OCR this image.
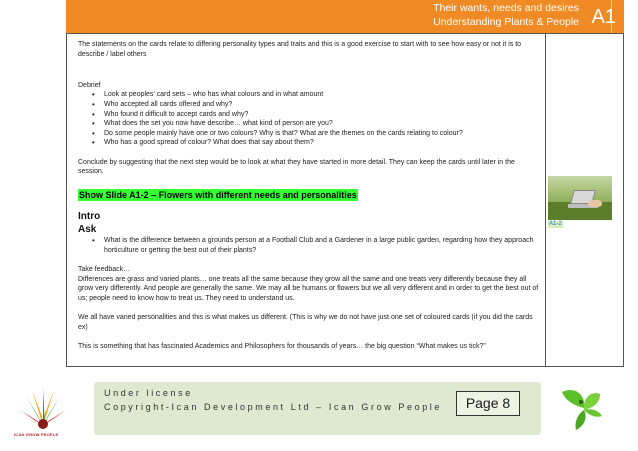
Their wants, needs and desires
Understanding Plants & People A1

The statements on the cards relate to differing personality types and traits and this is a good exercise to start with to see how easy or not it is to describe / label others

Debrief

• Look at peoples’ card sets – who has what colours and in what amount
• Who accepted all cards offered and why?
• Who found it difficult to accept cards and why?
• What does the set you now have describe… what kind of person are you?
• Do some people mainly have one or two colours? Why is that? What are the themes on the cards relating to colour?
• Who has a good spread of colour? What does that say about them?

Conclude by suggesting that the next step would be to look at what they have started in more detail. They can keep the cards until later in the session.

Show Slide A1-2 – Flowers with different needs and personalities

Intro

Ask

• What is the difference between a grounds person at a Football Club and a Gardener in a large public garden, regarding how they approach horticulture or getting the best out of their plants?

Take feedback…

Differences are grass and varied plants… one treats all the same because they grow all the same and one treats very differently because they all grow very differently. And people are generally the same. We may all be humans or flowers but we all very different and in order to get the best out of us; people need to know how to treat us. They need to understand us.

We all have varied personalities and this is what makes us different. (This is why we do not have just one set of coloured cards (if you did the cards ex)

This is something that has fascinated Academics and Philosophers for thousands of years… the big question “What makes us tick?”

A1-2
Under license
Copyright-Ican Development Ltd – Ican Grow People	Page 8
ICAN GROW PEOPLE
